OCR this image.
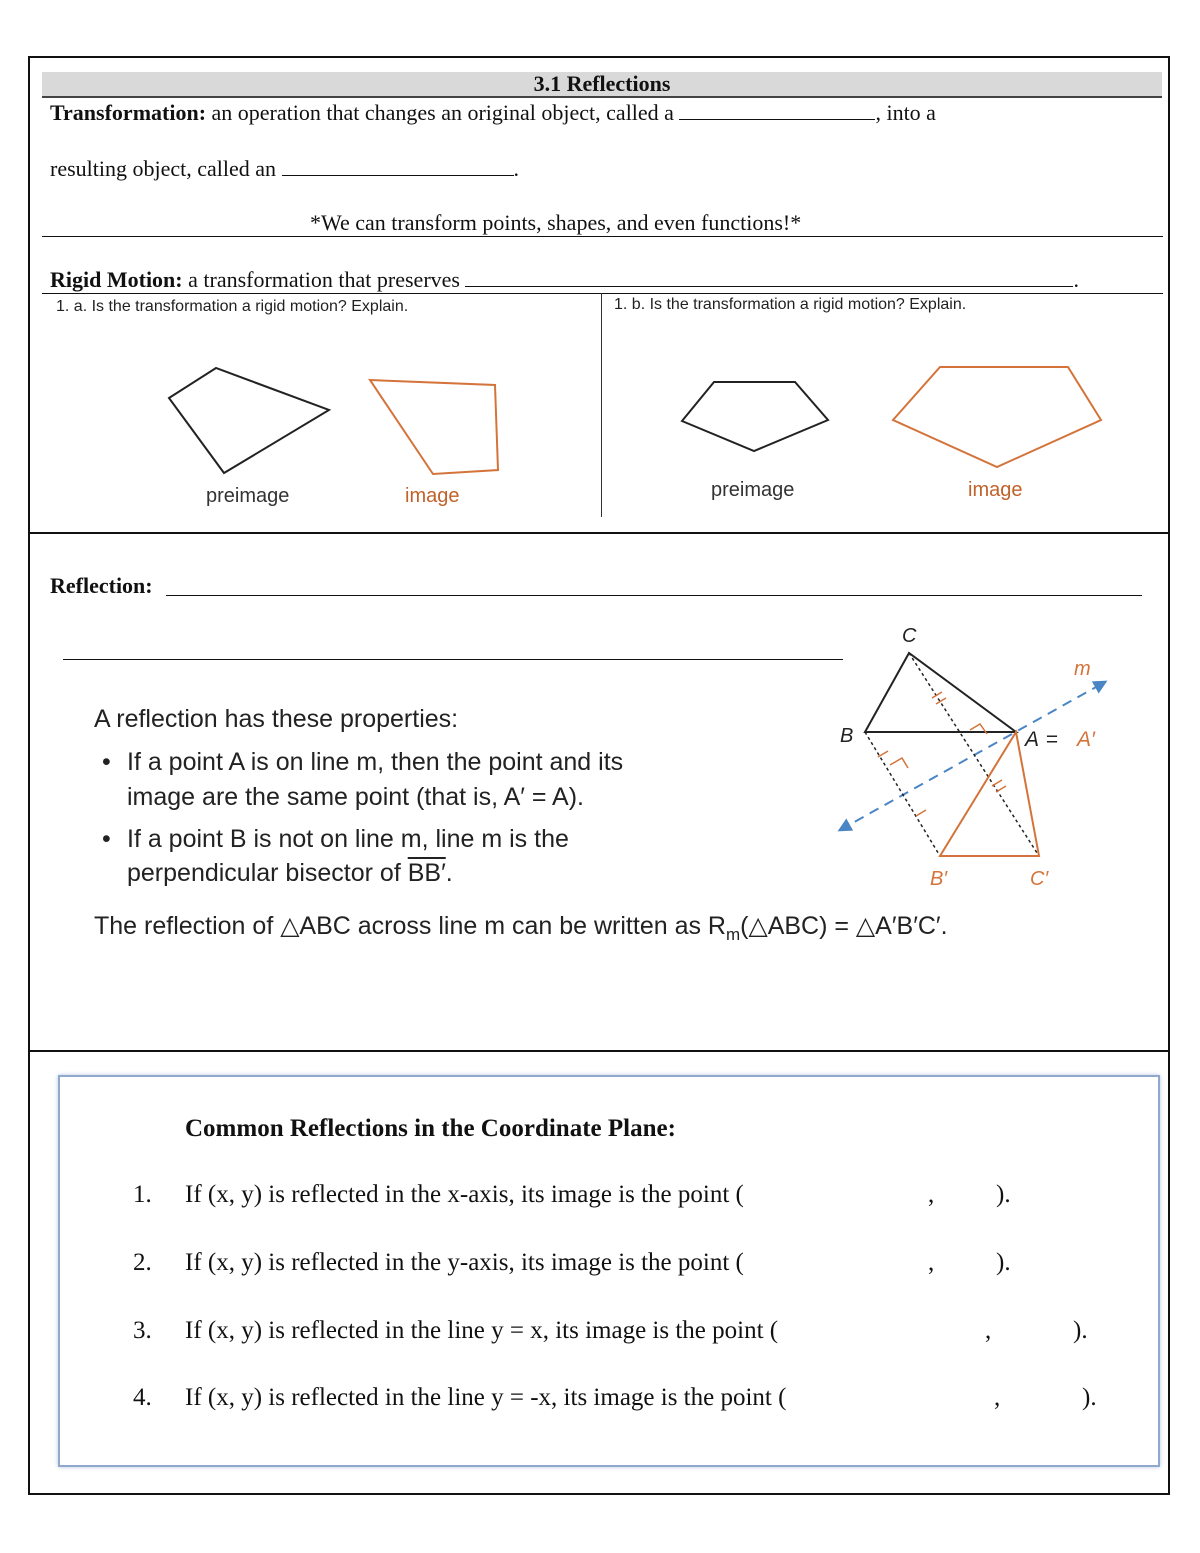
3.1 Reflections
Transformation: an operation that changes an original object, called a	, into a
resulting object, called an	.
*We can transform points, shapes, and even functions!*
Rigid Motion: a transformation that preserves	.
1. a. Is the transformation a rigid motion? Explain.	1. b. Is the transformation a rigid motion? Explain.
preimage	image	preimage	image
Reflection:
A reflection has these properties:
• If a point A is on line m, then the point and its
image are the same point (that is, A′ = A).
• If a point B is not on line m, line m is the
perpendicular bisector of BB′.
The reflection of △ABC across line m can be written as $R_m(\triangle ABC)$ = △A′B′C′.
C
B
m
A = A′
B′	C′
Common Reflections in the Coordinate Plane:
1. If (x, y) is reflected in the x-axis, its image is the point (	, ).
2. If (x, y) is reflected in the y-axis, its image is the point (	, ).
3. If (x, y) is reflected in the line y = x, its image is the point (	,	).
4. If (x, y) is reflected in the line y = -x, its image is the point (	,	).
